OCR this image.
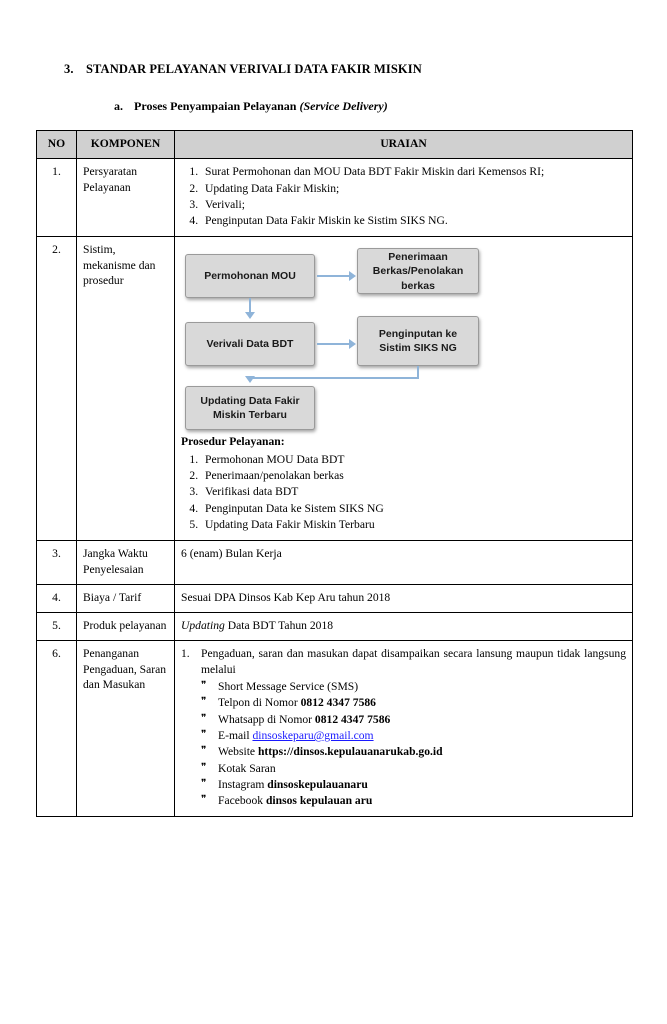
3. STANDAR PELAYANAN VERIVALI DATA FAKIR MISKIN
a. Proses Penyampaian Pelayanan (Service Delivery)
NO	KOMPONEN	URAIAN
1.	Persyaratan Pelayanan	
1. Surat Permohonan dan MOU Data BDT Fakir Miskin dari Kemensos RI;
2. Updating Data Fakir Miskin;
3. Verivali;
4. Penginputan Data Fakir Miskin ke Sistim SIKS NG.

2.	Sistim, mekanisme dan prosedur	Permohonan MOU
Penerimaan Berkas/Penolakan berkas
Verivali Data BDT
Penginputan ke Sistim SIKS NG
Updating Data Fakir Miskin Terbaru
Prosedur Pelayanan:
1. Permohonan MOU Data BDT
2. Penerimaan/penolakan berkas
3. Verifikasi data BDT
4. Penginputan Data ke Sistem SIKS NG
5. Updating Data Fakir Miskin Terbaru

3.	Jangka Waktu Penyelesaian	6 (enam) Bulan Kerja
4.	Biaya / Tarif	Sesuai DPA Dinsos Kab Kep Aru tahun 2018
5.	Produk pelayanan	Updating Data BDT Tahun 2018
6.	Penanganan Pengaduan, Saran dan Masukan	
1. Pengaduan, saran dan masukan dapat disampaikan secara lansung maupun tidak langsung melalui
❞ Short Message Service (SMS)
❞ Telpon di Nomor 0812 4347 7586
❞ Whatsapp di Nomor 0812 4347 7586
❞ E-mail dinsoskeparu@gmail.com
❞ Website https://dinsos.kepulauanarukab.go.id
❞ Kotak Saran
❞ Instagram dinsoskepulauanaru
❞ Facebook dinsos kepulauan aru
